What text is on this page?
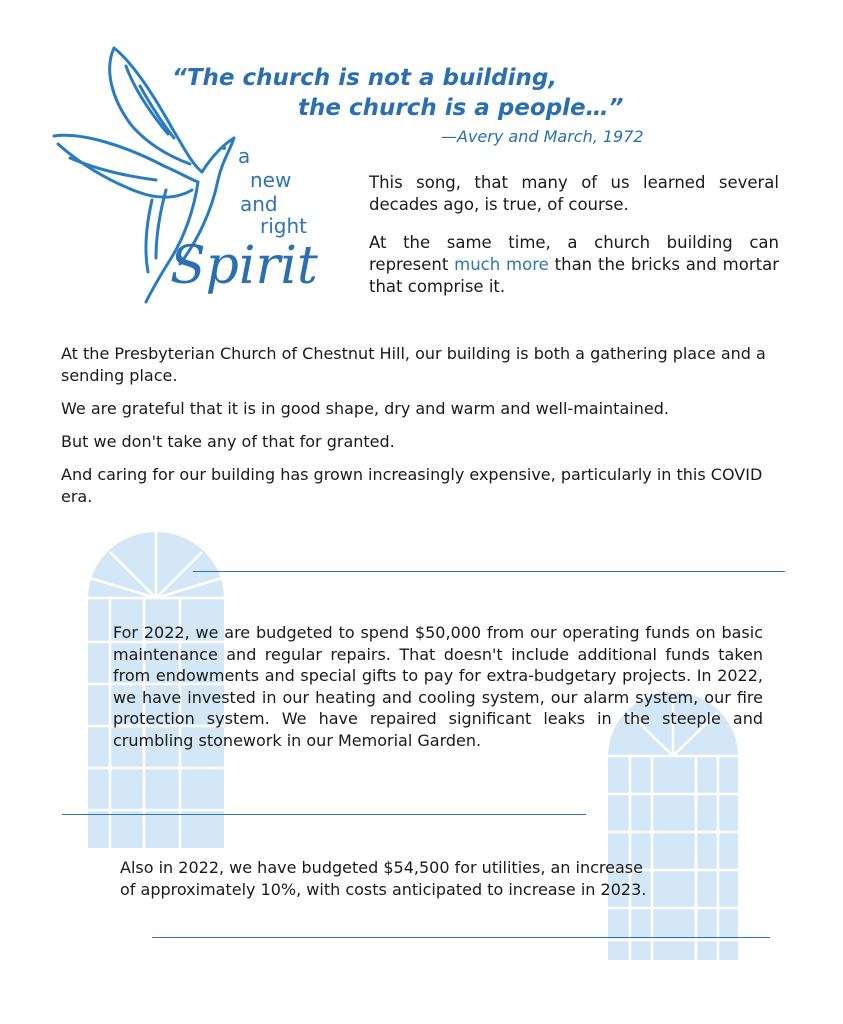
a
new
and
right
Spirit
“The church is not a building,
the church is a people…”
—Avery and March, 1972

This song, that many of us learned several decades ago, is true, of course.

At the same time, a church building can represent much more than the bricks and mortar that comprise it.

At the Presbyterian Church of Chestnut Hill, our building is both a gathering place and a sending place.

We are grateful that it is in good shape, dry and warm and well-maintained.

But we don't take any of that for granted.

And caring for our building has grown increasingly expensive, particularly in this COVID era.

For 2022, we are budgeted to spend $50,000 from our operating funds on basic maintenance and regular repairs. That doesn't include additional funds taken from endowments and special gifts to pay for extra-budgetary projects. In 2022, we have invested in our heating and cooling system, our alarm system, our fire protection system. We have repaired significant leaks in the steeple and crumbling stonework in our Memorial Garden.
Also in 2022, we have budgeted $54,500 for utilities, an increase
of approximately 10%, with costs anticipated to increase in 2023.
